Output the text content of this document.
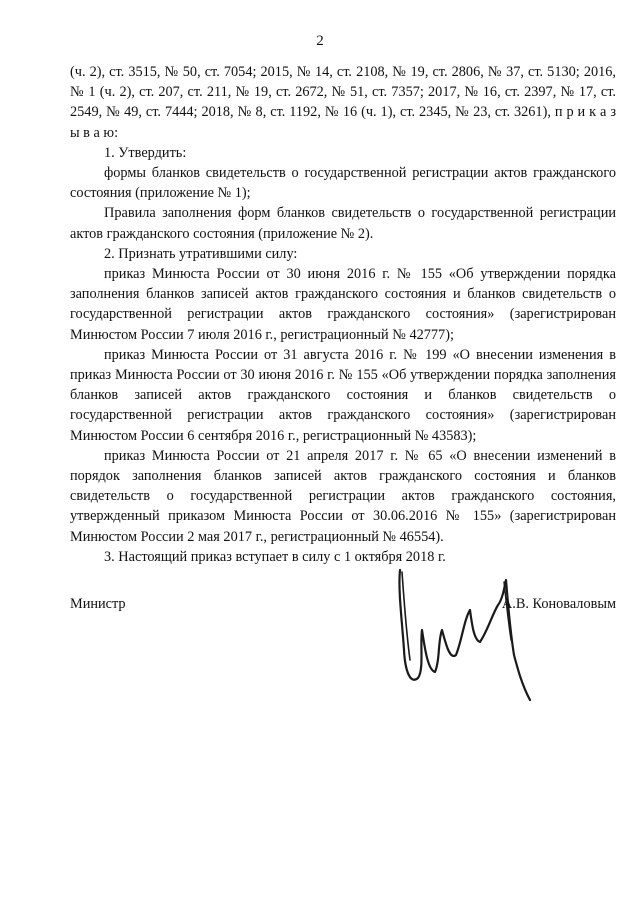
2

(ч. 2), ст. 3515, № 50, ст. 7054; 2015, № 14, ст. 2108, № 19, ст. 2806, № 37, ст. 5130; 2016, № 1 (ч. 2), ст. 207, ст. 211, № 19, ст. 2672, № 51, ст. 7357; 2017, № 16, ст. 2397, № 17, ст. 2549, № 49, ст. 7444; 2018, № 8, ст. 1192, № 16 (ч. 1), ст. 2345, № 23, ст. 3261), п р и к а з ы в а ю:

1. Утвердить:

формы бланков свидетельств о государственной регистрации актов гражданского состояния (приложение № 1);

Правила заполнения форм бланков свидетельств о государственной регистрации актов гражданского состояния (приложение № 2).

2. Признать утратившими силу:

приказ Минюста России от 30 июня 2016 г. № 155 «Об утверждении порядка заполнения бланков записей актов гражданского состояния и бланков свидетельств о государственной регистрации актов гражданского состояния» (зарегистрирован Минюстом России 7 июля 2016 г., регистрационный № 42777);

приказ Минюста России от 31 августа 2016 г. № 199 «О внесении изменения в приказ Минюста России от 30 июня 2016 г. № 155 «Об утверждении порядка заполнения бланков записей актов гражданского состояния и бланков свидетельств о государственной регистрации актов гражданского состояния» (зарегистрирован Минюстом России 6 сентября 2016 г., регистрационный № 43583);

приказ Минюста России от 21 апреля 2017 г. № 65 «О внесении изменений в порядок заполнения бланков записей актов гражданского состояния и бланков свидетельств о государственной регистрации актов гражданского состояния, утвержденный приказом Минюста России от 30.06.2016 № 155» (зарегистрирован Минюстом России 2 мая 2017 г., регистрационный № 46554).

3. Настоящий приказ вступает в силу с 1 октября 2018 г.

Министр	А.В. Коноваловым
